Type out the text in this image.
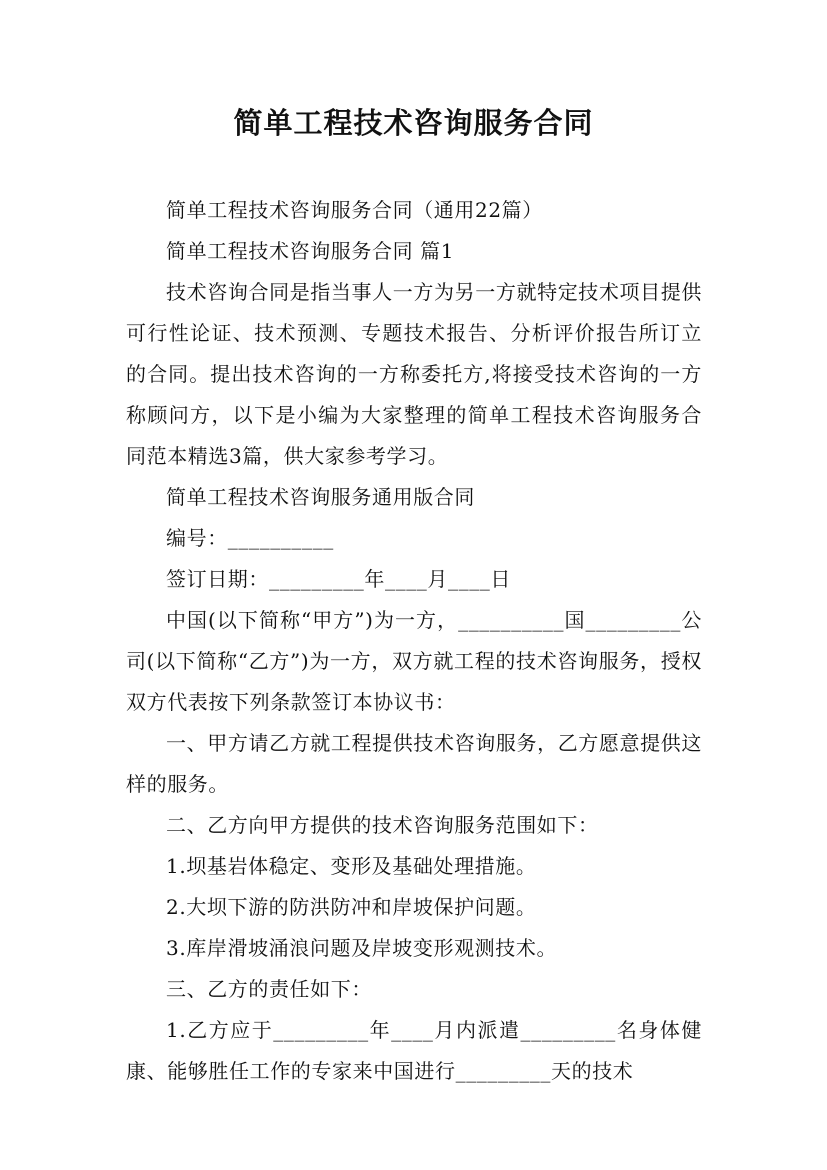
简单工程技术咨询服务合同

简单工程技术咨询服务合同（通用22篇）

简单工程技术咨询服务合同 篇1

技术咨询合同是指当事人一方为另一方就特定技术项目提供可行性论证、技术预测、专题技术报告、分析评价报告所订立的合同。提出技术咨询的一方称委托方,将接受技术咨询的一方称顾问方，以下是小编为大家整理的简单工程技术咨询服务合同范本精选3篇，供大家参考学习。

简单工程技术咨询服务通用版合同

编号：__________

签订日期：_________年____月____日

中国(以下简称“甲方”)为一方，__________国_________公司(以下简称“乙方”)为一方，双方就工程的技术咨询服务，授权双方代表按下列条款签订本协议书：

一、甲方请乙方就工程提供技术咨询服务，乙方愿意提供这样的服务。

二、乙方向甲方提供的技术咨询服务范围如下：

1.坝基岩体稳定、变形及基础处理措施。

2.大坝下游的防洪防冲和岸坡保护问题。

3.库岸滑坡涌浪问题及岸坡变形观测技术。

三、乙方的责任如下：

1.乙方应于_________年____月内派遣_________名身体健康、能够胜任工作的专家来中国进行_________天的技术
